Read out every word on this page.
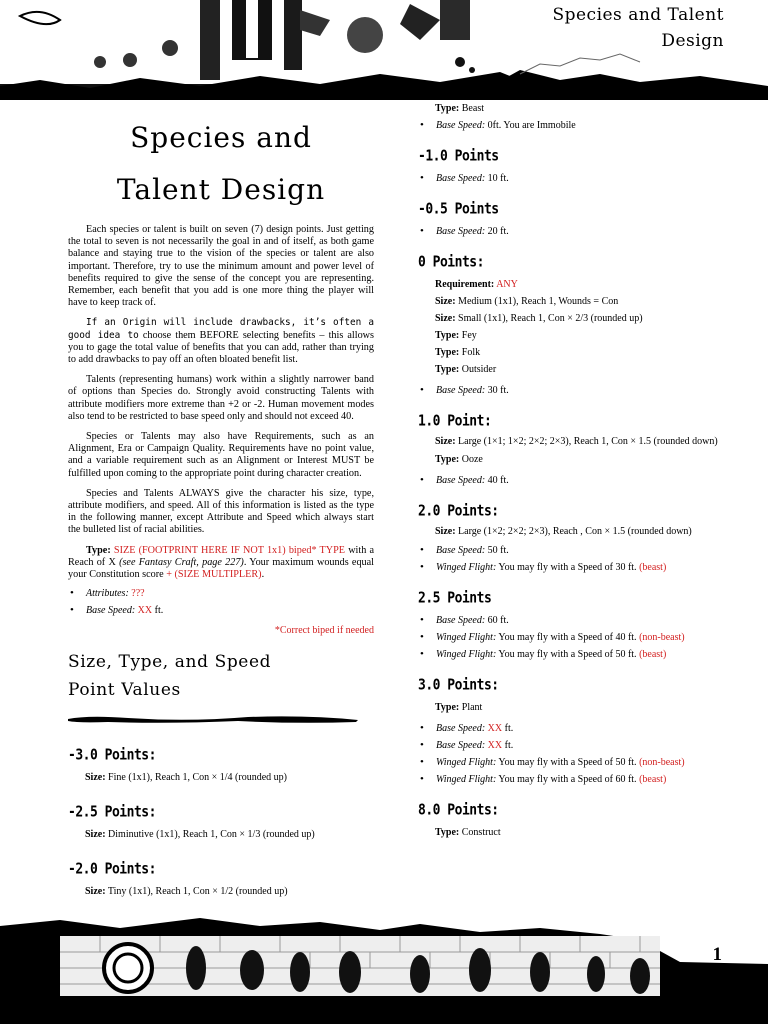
Species and Talent
Design
Species and
Talent Design

Each species or talent is built on seven (7) design points. Just getting the total to seven is not necessarily the goal in and of itself, as both game balance and staying true to the vision of the species or talent are also important. Therefore, try to use the minimum amount and power level of benefits required to give the sense of the concept you are representing. Remember, each benefit that you add is one more thing the player will have to keep track of.

If an Origin will include drawbacks, it’s often a good idea to choose them BEFORE selecting benefits – this allows you to gage the total value of benefits that you can add, rather than trying to add drawbacks to pay off an often bloated benefit list.

Talents (representing humans) work within a slightly narrower band of options than Species do. Strongly avoid constructing Talents with attribute modifiers more extreme than +2 or -2. Human movement modes also tend to be restricted to base speed only and should not exceed 40.

Species or Talents may also have Requirements, such as an Alignment, Era or Campaign Quality. Requirements have no point value, and a variable requirement such as an Alignment or Interest MUST be fulfilled upon coming to the appropriate point during character creation.

Species and Talents ALWAYS give the character his size, type, attribute modifiers, and speed. All of this information is listed as the type in the following manner, except Attribute and Speed which always start the bulleted list of racial abilities.

Type: SIZE (FOOTPRINT HERE IF NOT 1x1) biped* TYPE with a Reach of X (see Fantasy Craft, page 227). Your maximum wounds equal your Constitution score + (SIZE MULTIPLER).

• Attributes: ???
• Base Speed: XX ft.
*Correct biped if needed
Size, Type, and Speed
Point Values
-3.0 Points:
Size: Fine (1x1), Reach 1, Con × 1/4 (rounded up)
-2.5 Points:
Size: Diminutive (1x1), Reach 1, Con × 1/3 (rounded up)
-2.0 Points:
Size: Tiny (1x1), Reach 1, Con × 1/2 (rounded up)
Type: Beast
• Base Speed: 0ft. You are Immobile
-1.0 Points
• Base Speed: 10 ft.
-0.5 Points
• Base Speed: 20 ft.
0 Points:
Requirement: ANY
Size: Medium (1x1), Reach 1, Wounds = Con
Size: Small (1x1), Reach 1, Con × 2/3 (rounded up)
Type: Fey
Type: Folk
Type: Outsider
• Base Speed: 30 ft.
1.0 Point:
Size: Large (1×1; 1×2; 2×2; 2×3), Reach 1, Con × 1.5 (rounded down)
Type: Ooze
• Base Speed: 40 ft.
2.0 Points:
Size: Large (1×2; 2×2; 2×3), Reach , Con × 1.5 (rounded down)
• Base Speed: 50 ft.
• Winged Flight: You may fly with a Speed of 30 ft. (beast)
2.5 Points
• Base Speed: 60 ft.
• Winged Flight: You may fly with a Speed of 40 ft. (non-beast)
• Winged Flight: You may fly with a Speed of 50 ft. (beast)
3.0 Points:
Type: Plant
• Base Speed: XX ft.
• Base Speed: XX ft.
• Winged Flight: You may fly with a Speed of 50 ft. (non-beast)
• Winged Flight: You may fly with a Speed of 60 ft. (beast)
8.0 Points:
Type: Construct
1
